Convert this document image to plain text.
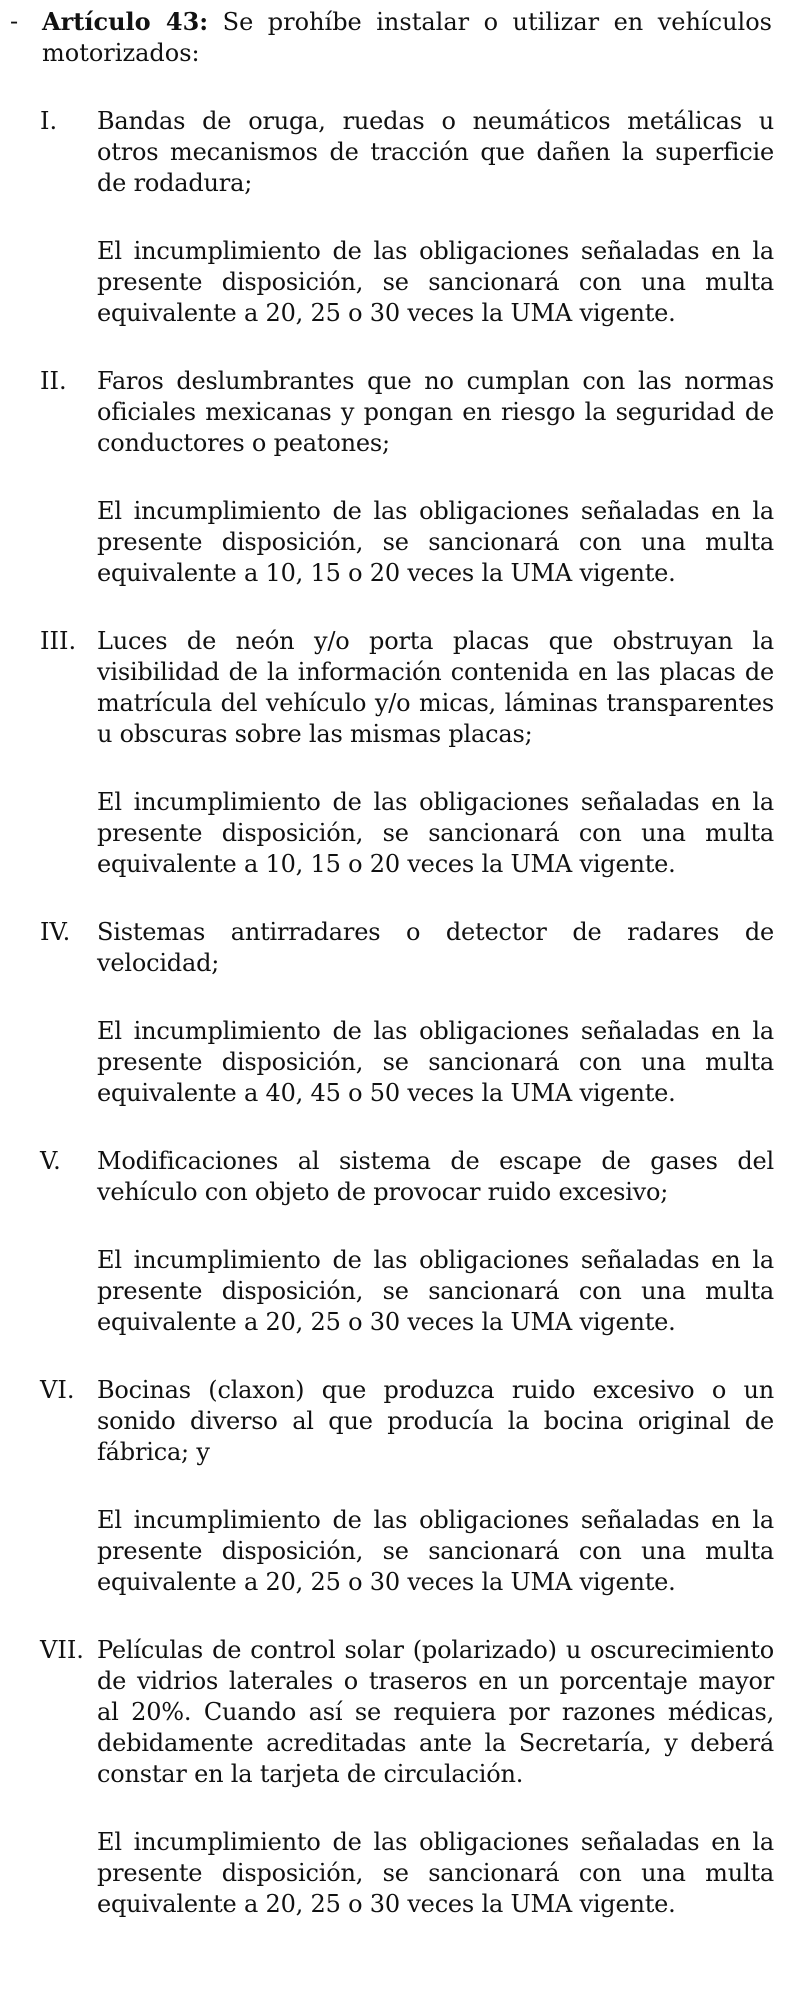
- Artículo 43: Se prohíbe instalar o utilizar en vehículos motorizados:
Bandas de oruga, ruedas o neumáticos metálicas u otros mecanismos de tracción que dañen la superficie de rodadura;
I.
El incumplimiento de las obligaciones señaladas en la presente disposición, se sancionará con una multa equivalente a 20, 25 o 30 veces la UMA vigente.
Faros deslumbrantes que no cumplan con las normas oficiales mexicanas y pongan en riesgo la seguridad de conductores o peatones;
II.
El incumplimiento de las obligaciones señaladas en la presente disposición, se sancionará con una multa equivalente a 10, 15 o 20 veces la UMA vigente.
Luces de neón y/o porta placas que obstruyan la visibilidad de la información contenida en las placas de matrícula del vehículo y/o micas, láminas transparentes u obscuras sobre las mismas placas;
III.
El incumplimiento de las obligaciones señaladas en la presente disposición, se sancionará con una multa equivalente a 10, 15 o 20 veces la UMA vigente.
Sistemas antirradares o detector de radares de velocidad;
IV.
El incumplimiento de las obligaciones señaladas en la presente disposición, se sancionará con una multa equivalente a 40, 45 o 50 veces la UMA vigente.
Modificaciones al sistema de escape de gases del vehículo con objeto de provocar ruido excesivo;
V.
El incumplimiento de las obligaciones señaladas en la presente disposición, se sancionará con una multa equivalente a 20, 25 o 30 veces la UMA vigente.
Bocinas (claxon) que produzca ruido excesivo o un sonido diverso al que producía la bocina original de fábrica; y
VI.
El incumplimiento de las obligaciones señaladas en la presente disposición, se sancionará con una multa equivalente a 20, 25 o 30 veces la UMA vigente.
Películas de control solar (polarizado) u oscurecimiento de vidrios laterales o traseros en un porcentaje mayor al 20%. Cuando así se requiera por razones médicas, debidamente acreditadas ante la Secretaría, y deberá constar en la tarjeta de circulación.
VII.
El incumplimiento de las obligaciones señaladas en la presente disposición, se sancionará con una multa equivalente a 20, 25 o 30 veces la UMA vigente.
